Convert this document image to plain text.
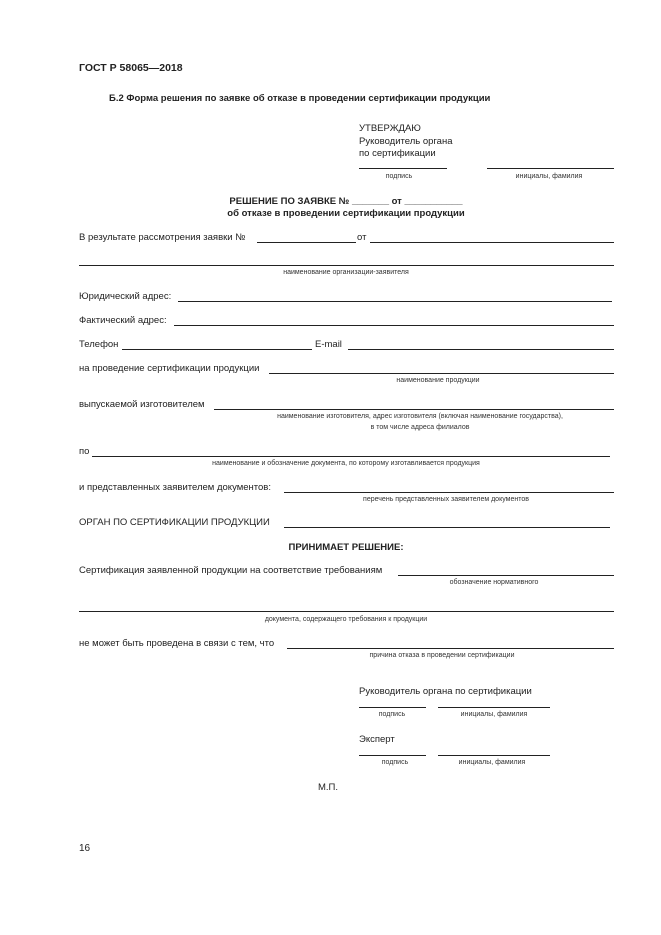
ГОСТ Р 58065—2018
Б.2 Форма решения по заявке об отказе в проведении сертификации продукции
УТВЕРЖДАЮ
Руководитель органа
по сертификации
подпись	инициалы, фамилия
РЕШЕНИЕ ПО ЗАЯВКЕ № _______ от ___________
об отказе в проведении сертификации продукции
В результате рассмотрения заявки №	от
наименование организации-заявителя
Юридический адрес:
Фактический адрес:
Телефон	E-mail
на проведение сертификации продукции
наименование продукции
выпускаемой изготовителем
наименование изготовителя, адрес изготовителя (включая наименование государства),
в том числе адреса филиалов
по
наименование и обозначение документа, по которому изготавливается продукция
и представленных заявителем документов:
перечень представленных заявителем документов
ОРГАН ПО СЕРТИФИКАЦИИ ПРОДУКЦИИ
ПРИНИМАЕТ РЕШЕНИЕ:
Сертификация заявленной продукции на соответствие требованиям
обозначение нормативного
документа, содержащего требования к продукции
не может быть проведена в связи с тем, что
причина отказа в проведении сертификации
Руководитель органа по сертификации
подпись	инициалы, фамилия
Эксперт
подпись	инициалы, фамилия
М.П.
16
